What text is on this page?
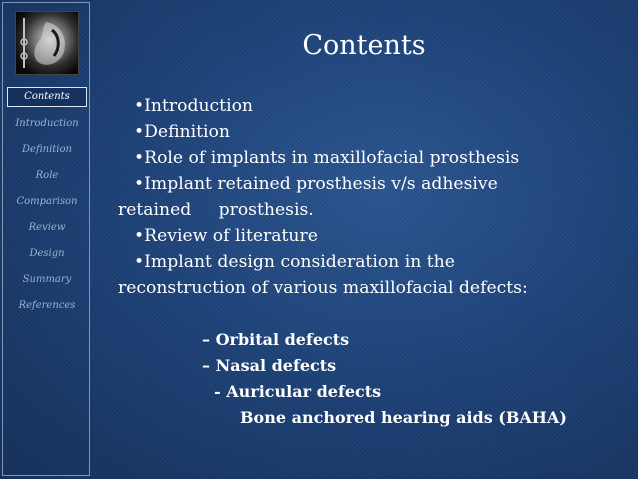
Contents
Introduction
Definition
Role
Comparison
Review
Design
Summary
References
Contents
•Introduction
•Definition
•Role of implants in maxillofacial prosthesis
•Implant retained prosthesis v/s adhesive
retained     prosthesis.
•Review of literature
•Implant design consideration in the
reconstruction of various maxillofacial defects:
– Orbital defects
– Nasal defects
- Auricular defects
Bone anchored hearing aids (BAHA)
